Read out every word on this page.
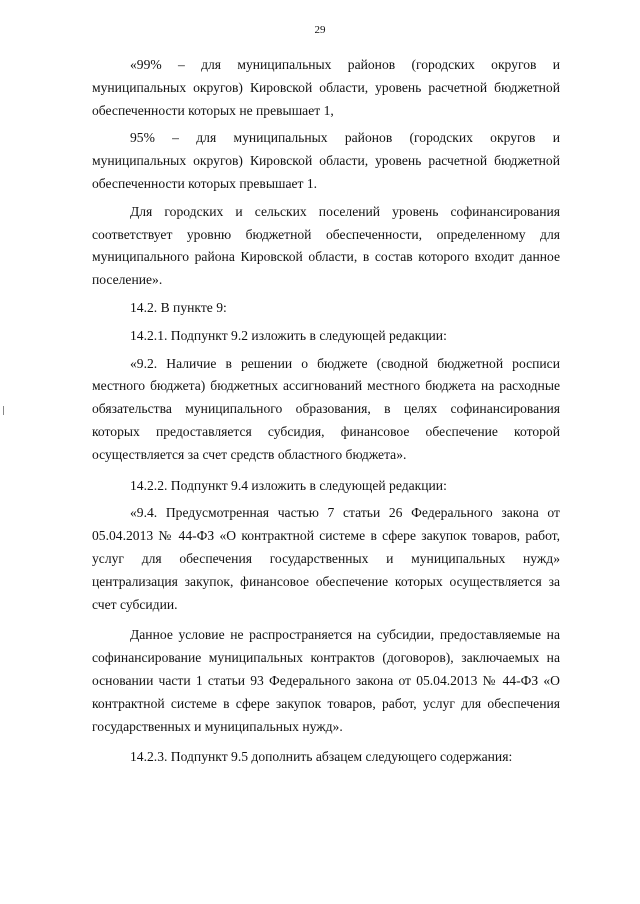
29

«99% – для муниципальных районов (городских округов и муниципальных округов) Кировской области, уровень расчетной бюджетной обеспеченности которых не превышает 1,

95% – для муниципальных районов (городских округов и муниципальных округов) Кировской области, уровень расчетной бюджетной обеспеченности которых превышает 1.

Для городских и сельских поселений уровень софинансирования соответствует уровню бюджетной обеспеченности, определенному для муниципального района Кировской области, в состав которого входит данное поселение».

14.2. В пункте 9:

14.2.1. Подпункт 9.2 изложить в следующей редакции:

«9.2. Наличие в решении о бюджете (сводной бюджетной росписи местного бюджета) бюджетных ассигнований местного бюджета на расходные обязательства муниципального образования, в целях софинансирования которых предоставляется субсидия, финансовое обеспечение которой осуществляется за счет средств областного бюджета».

14.2.2. Подпункт 9.4 изложить в следующей редакции:

«9.4. Предусмотренная частью 7 статьи 26 Федерального закона от 05.04.2013 № 44-ФЗ «О контрактной системе в сфере закупок товаров, работ, услуг для обеспечения государственных и муниципальных нужд» централизация закупок, финансовое обеспечение которых осуществляется за счет субсидии.

Данное условие не распространяется на субсидии, предоставляемые на софинансирование муниципальных контрактов (договоров), заключаемых на основании части 1 статьи 93 Федерального закона от 05.04.2013 № 44-ФЗ «О контрактной системе в сфере закупок товаров, работ, услуг для обеспечения государственных и муниципальных нужд».

14.2.3. Подпункт 9.5 дополнить абзацем следующего содержания:
